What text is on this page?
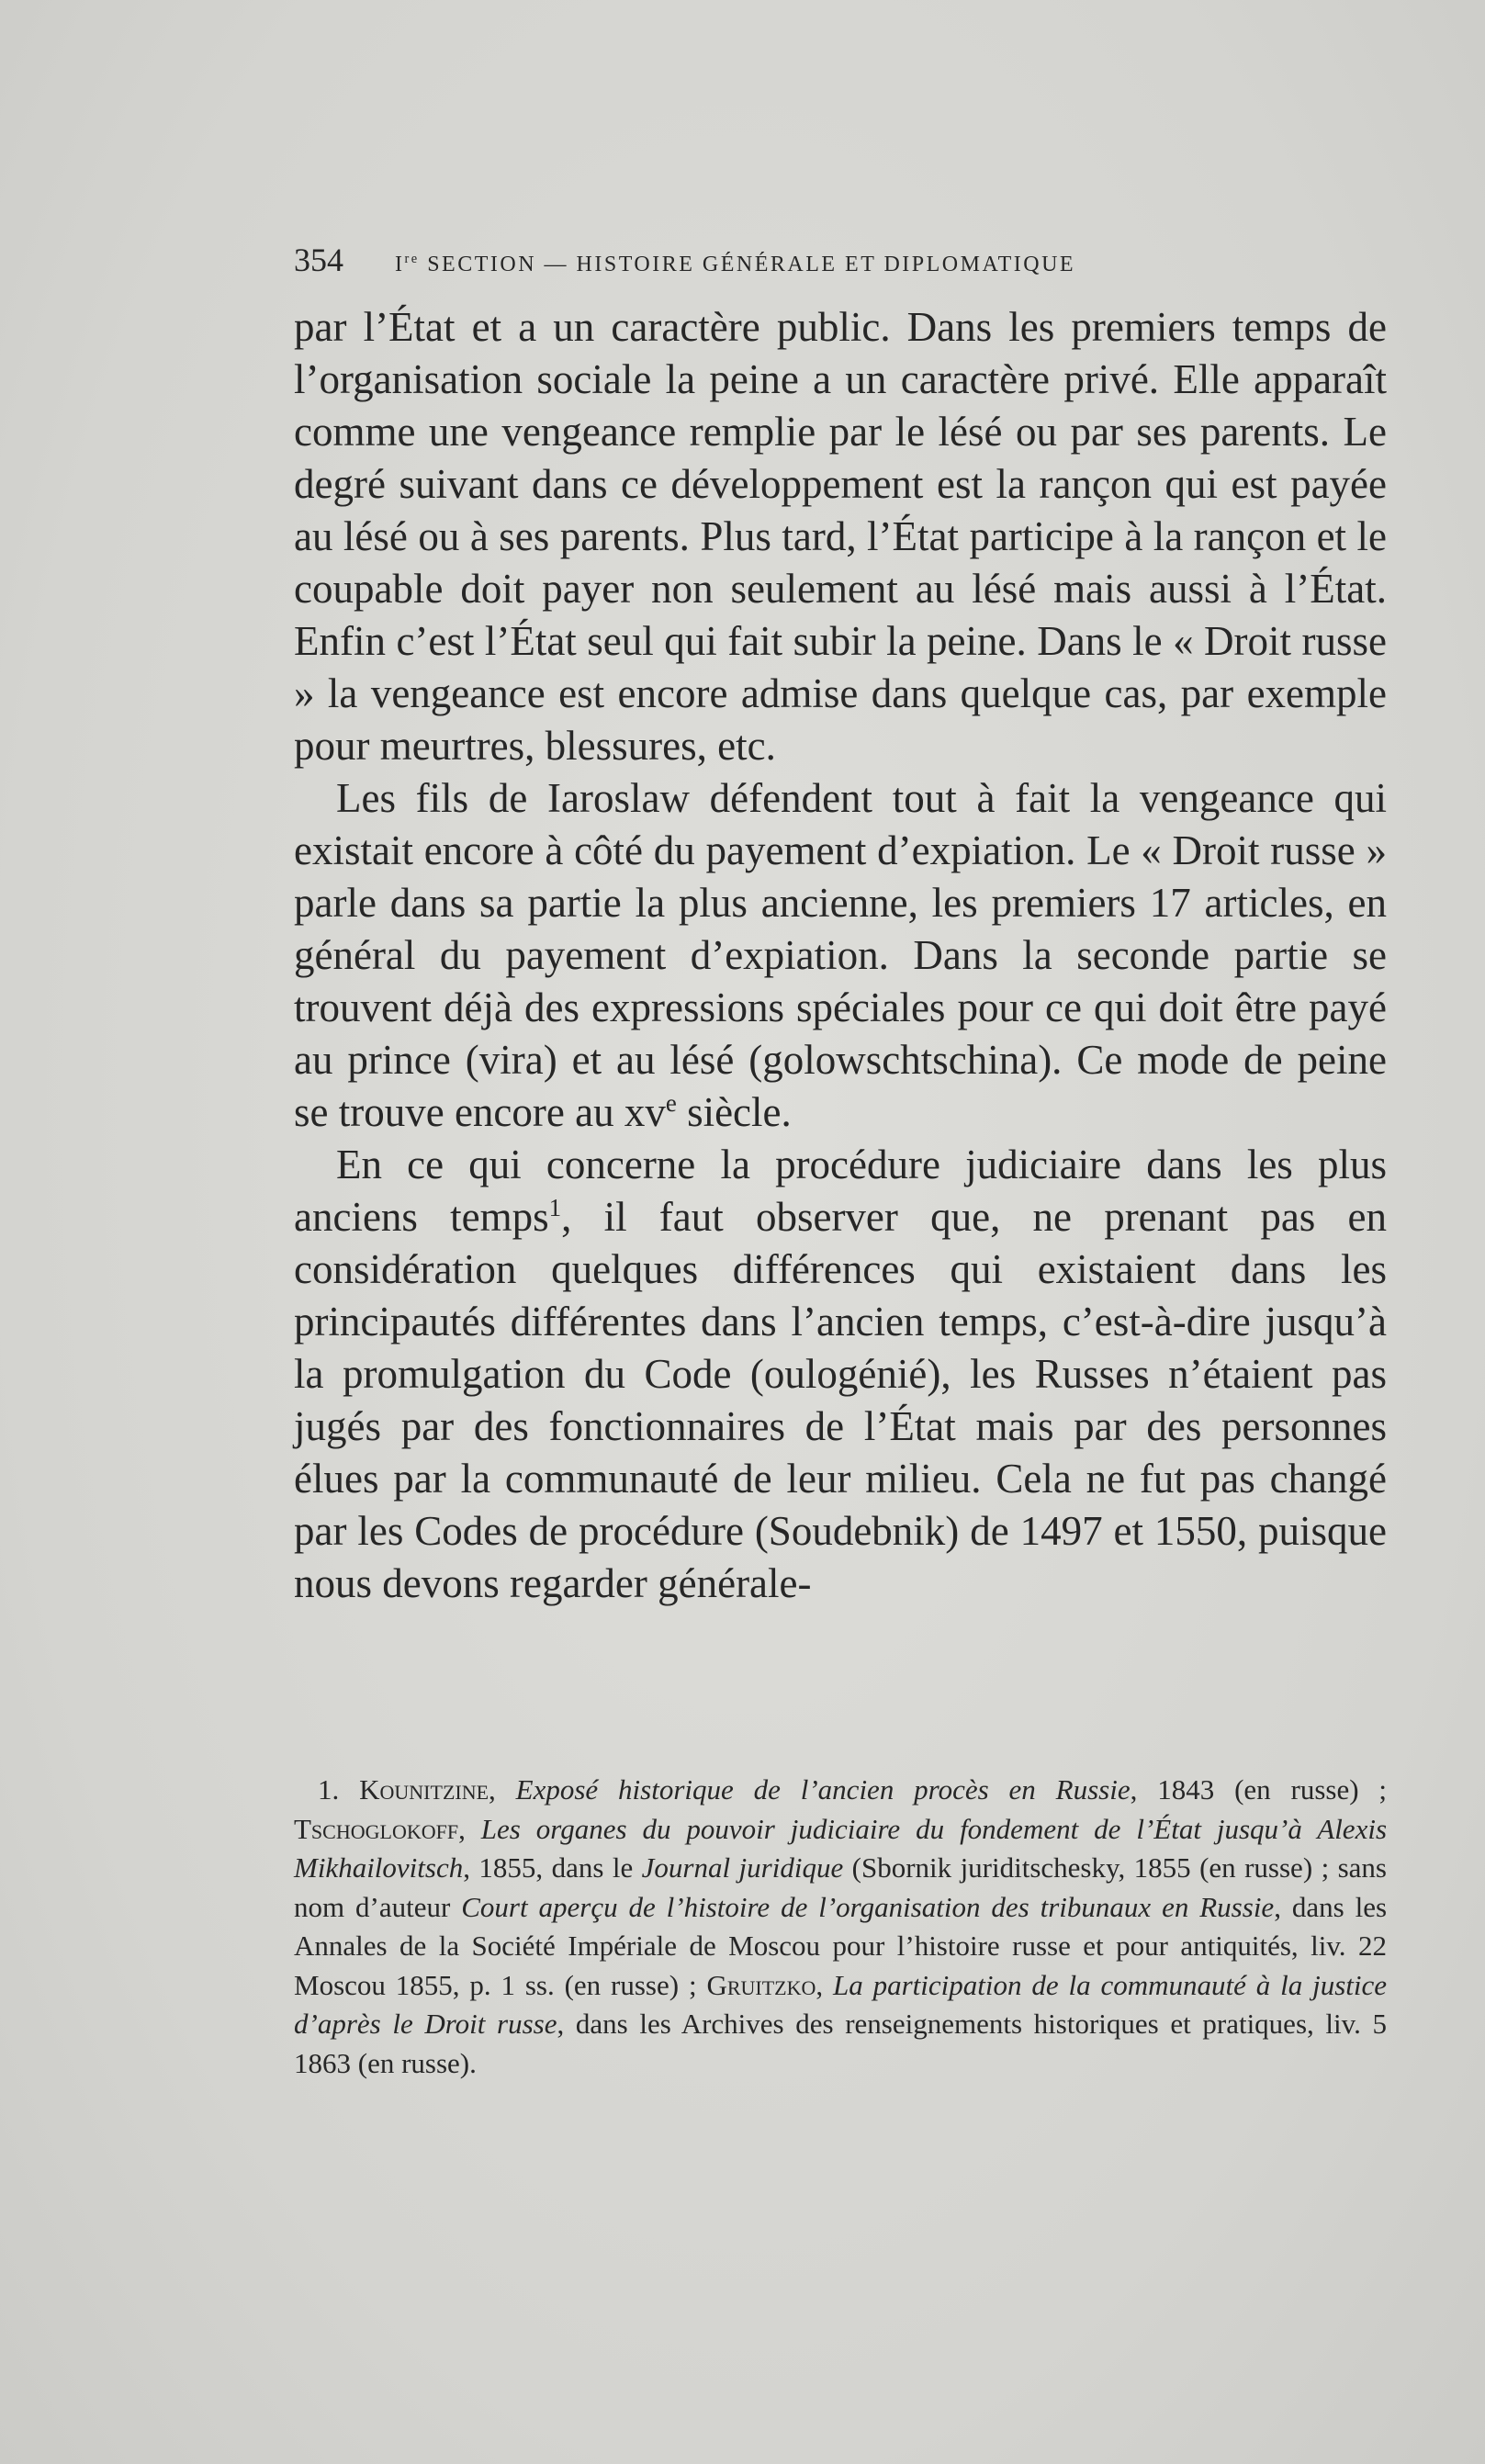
354 Ire SECTION — HISTOIRE GÉNÉRALE ET DIPLOMATIQUE

par l’État et a un caractère public. Dans les premiers temps de l’organisation sociale la peine a un caractère privé. Elle apparaît comme une vengeance remplie par le lésé ou par ses parents. Le degré suivant dans ce développement est la rançon qui est payée au lésé ou à ses parents. Plus tard, l’État participe à la rançon et le coupable doit payer non seulement au lésé mais aussi à l’État. Enfin c’est l’État seul qui fait subir la peine. Dans le « Droit russe » la vengeance est encore admise dans quelque cas, par exemple pour meurtres, blessures, etc.

Les fils de Iaroslaw défendent tout à fait la vengeance qui existait encore à côté du payement d’expiation. Le « Droit russe » parle dans sa partie la plus ancienne, les premiers 17 articles, en général du payement d’expiation. Dans la seconde partie se trouvent déjà des expressions spéciales pour ce qui doit être payé au prince (vira) et au lésé (golowschtschina). Ce mode de peine se trouve encore au $xv^e$ siècle.

En ce qui concerne la procédure judiciaire dans les plus anciens temps$^1$, il faut observer que, ne prenant pas en considération quelques différences qui existaient dans les principautés différentes dans l’ancien temps, c’est-à-dire jusqu’à la promulgation du Code (oulogénié), les Russes n’étaient pas jugés par des fonctionnaires de l’État mais par des personnes élues par la communauté de leur milieu. Cela ne fut pas changé par les Codes de procédure (Soudebnik) de 1497 et 1550, puisque nous devons regarder générale-

1. Kounitzine, Exposé historique de l’ancien procès en Russie, 1843 (en russe) ; Tschoglokoff, Les organes du pouvoir judiciaire du fondement de l’État jusqu’à Alexis Mikhailovitsch, 1855, dans le Journal juridique (Sbornik juriditschesky, 1855 (en russe) ; sans nom d’auteur Court aperçu de l’histoire de l’organisation des tribunaux en Russie, dans les Annales de la Société Impériale de Moscou pour l’histoire russe et pour antiquités, liv. 22 Moscou 1855, p. 1 ss. (en russe) ; Gruitzko, La participation de la communauté à la justice d’après le Droit russe, dans les Archives des renseignements historiques et pratiques, liv. 5 1863 (en russe).
